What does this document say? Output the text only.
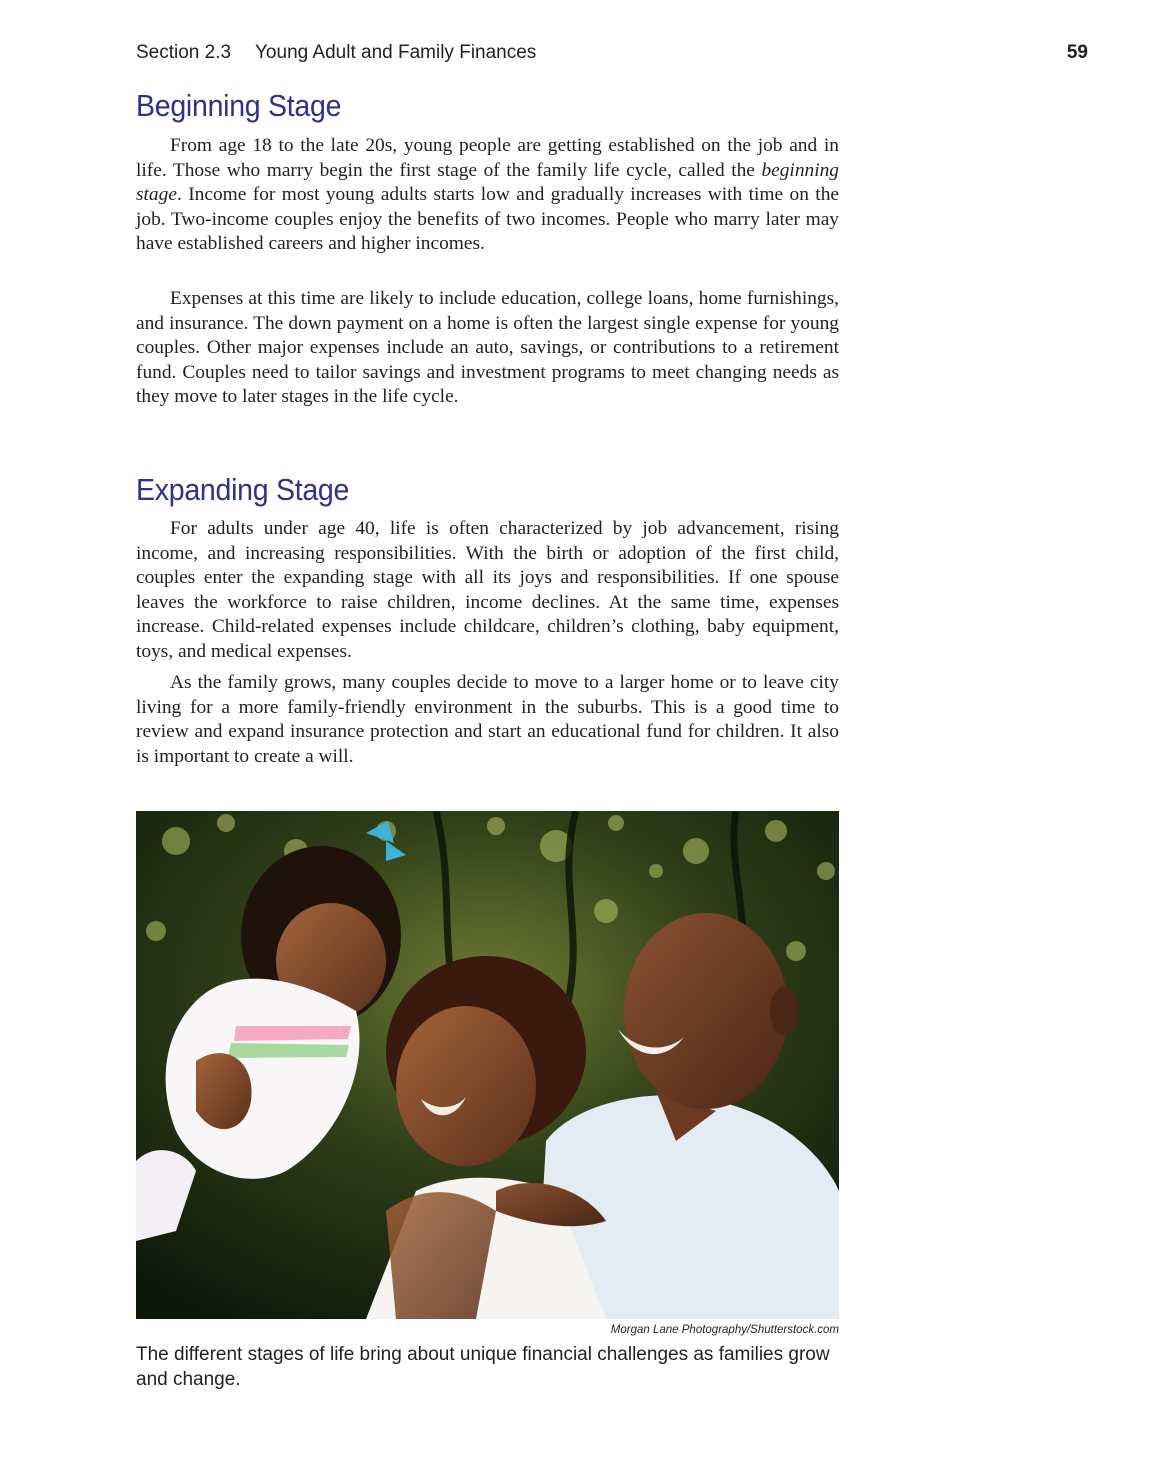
Section 2.3 Young Adult and Family Finances	59
Beginning Stage

From age 18 to the late 20s, young people are getting established on the job and in life. Those who marry begin the first stage of the family life cycle, called the beginning stage. Income for most young adults starts low and gradually increases with time on the job. Two-income couples enjoy the benefits of two incomes. People who marry later may have established careers and higher incomes.

Expenses at this time are likely to include education, college loans, home furnishings, and insurance. The down payment on a home is often the largest single expense for young couples. Other major expenses include an auto, savings, or contributions to a retirement fund. Couples need to tailor savings and investment programs to meet changing needs as they move to later stages in the life cycle.

Expanding Stage

For adults under age 40, life is often characterized by job advancement, rising income, and increasing responsibilities. With the birth or adoption of the first child, couples enter the expanding stage with all its joys and responsibilities. If one spouse leaves the workforce to raise children, income declines. At the same time, expenses increase. Child-related expenses include childcare, children’s clothing, baby equipment, toys, and medical expenses.

As the family grows, many couples decide to move to a larger home or to leave city living for a more family-friendly environment in the suburbs. This is a good time to review and expand insurance protection and start an educational fund for children. It also is important to create a will.

Morgan Lane Photography/Shutterstock.com

The different stages of life bring about unique financial challenges as families grow and change.
